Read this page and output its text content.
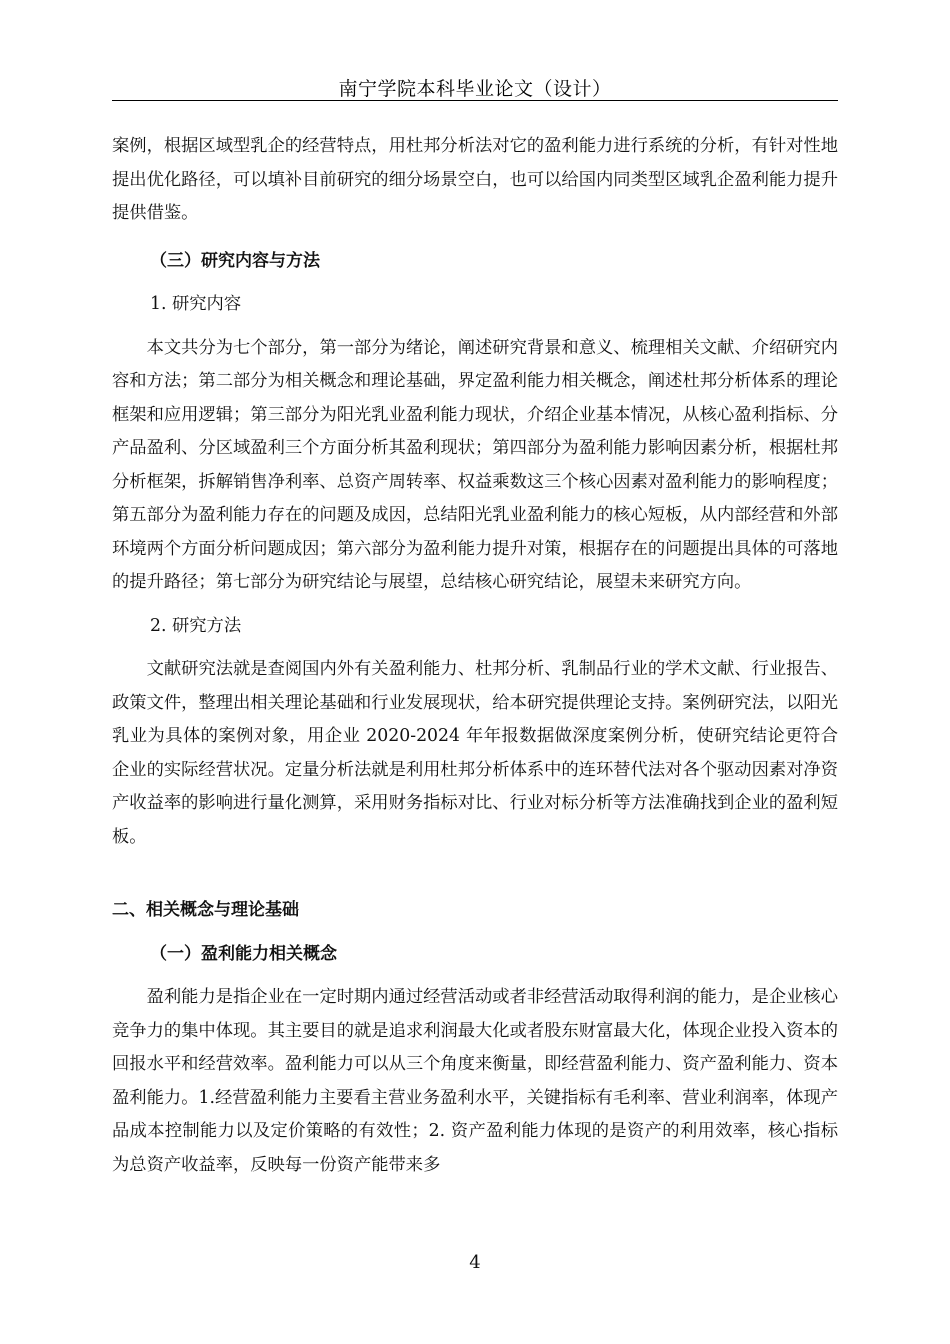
南宁学院本科毕业论文（设计）

案例，根据区域型乳企的经营特点，用杜邦分析法对它的盈利能力进行系统的分析，有针对性地提出优化路径，可以填补目前研究的细分场景空白，也可以给国内同类型区域乳企盈利能力提升提供借鉴。

（三）研究内容与方法

1. 研究内容

本文共分为七个部分，第一部分为绪论，阐述研究背景和意义、梳理相关文献、介绍研究内容和方法；第二部分为相关概念和理论基础，界定盈利能力相关概念，阐述杜邦分析体系的理论框架和应用逻辑；第三部分为阳光乳业盈利能力现状，介绍企业基本情况，从核心盈利指标、分产品盈利、分区域盈利三个方面分析其盈利现状；第四部分为盈利能力影响因素分析，根据杜邦分析框架，拆解销售净利率、总资产周转率、权益乘数这三个核心因素对盈利能力的影响程度；第五部分为盈利能力存在的问题及成因，总结阳光乳业盈利能力的核心短板，从内部经营和外部环境两个方面分析问题成因；第六部分为盈利能力提升对策，根据存在的问题提出具体的可落地的提升路径；第七部分为研究结论与展望，总结核心研究结论，展望未来研究方向。

2. 研究方法

文献研究法就是查阅国内外有关盈利能力、杜邦分析、乳制品行业的学术文献、行业报告、政策文件，整理出相关理论基础和行业发展现状，给本研究提供理论支持。案例研究法，以阳光乳业为具体的案例对象，用企业 2020-2024 年年报数据做深度案例分析，使研究结论更符合企业的实际经营状况。定量分析法就是利用杜邦分析体系中的连环替代法对各个驱动因素对净资产收益率的影响进行量化测算，采用财务指标对比、行业对标分析等方法准确找到企业的盈利短板。

二、相关概念与理论基础

（一）盈利能力相关概念

盈利能力是指企业在一定时期内通过经营活动或者非经营活动取得利润的能力，是企业核心竞争力的集中体现。其主要目的就是追求利润最大化或者股东财富最大化，体现企业投入资本的回报水平和经营效率。盈利能力可以从三个角度来衡量，即经营盈利能力、资产盈利能力、资本盈利能力。1.经营盈利能力主要看主营业务盈利水平，关键指标有毛利率、营业利润率，体现产品成本控制能力以及定价策略的有效性；2. 资产盈利能力体现的是资产的利用效率，核心指标为总资产收益率，反映每一份资产能带来多

4
